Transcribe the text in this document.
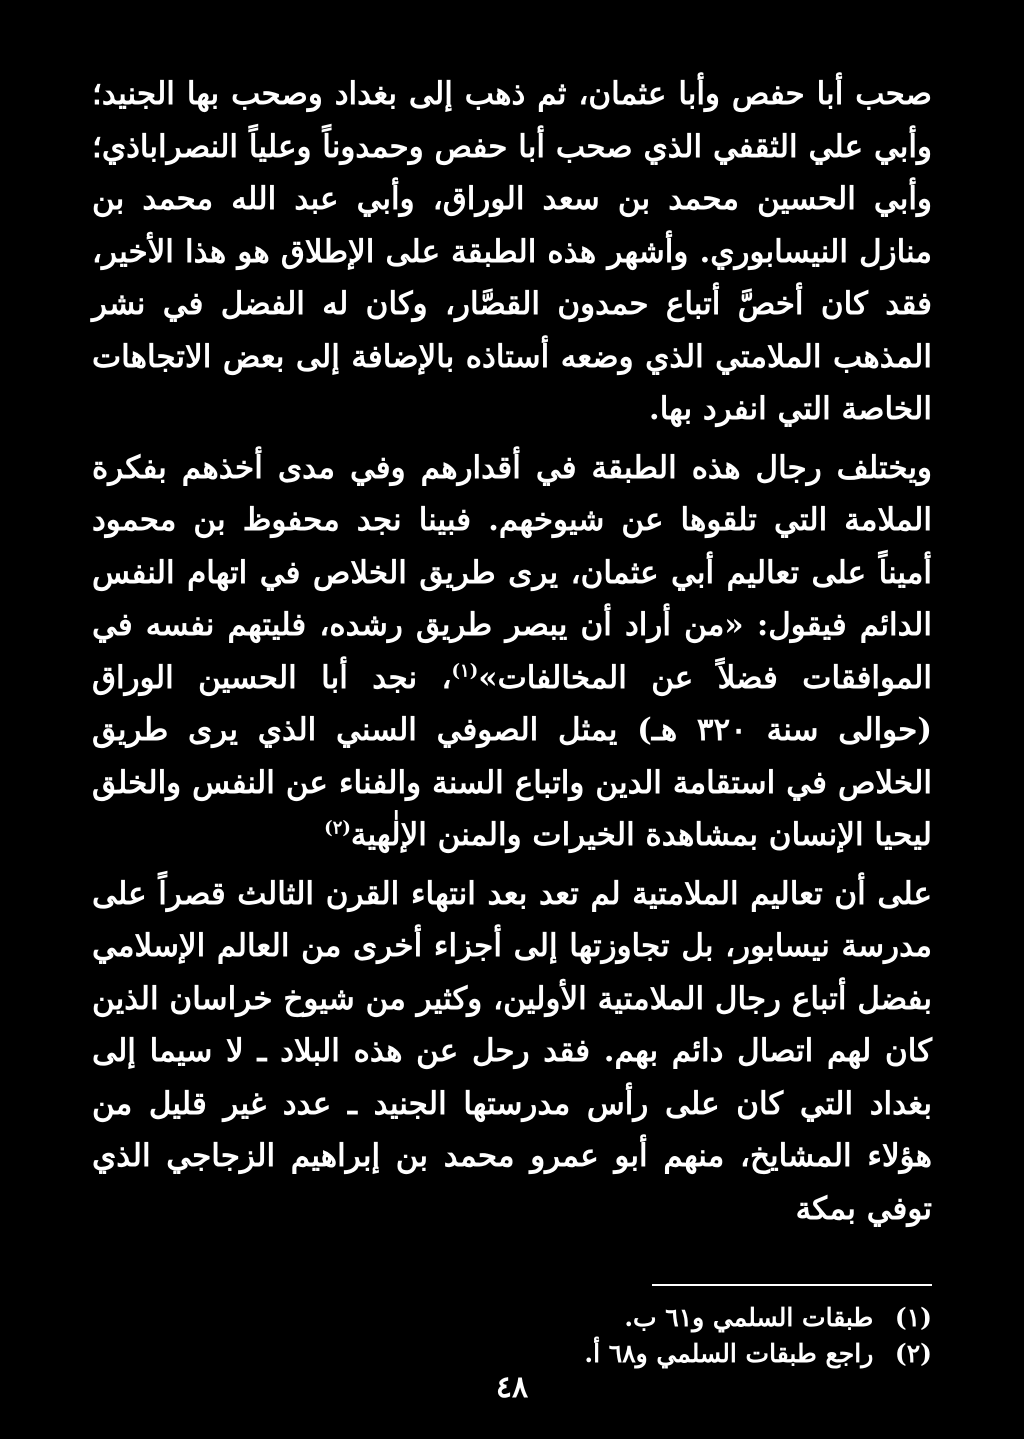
صحب أبا حفص وأبا عثمان، ثم ذهب إلى بغداد وصحب بها الجنيد؛ وأبي علي الثقفي الذي صحب أبا حفص وحمدوناً وعلياً النصراباذي؛ وأبي الحسين محمد بن سعد الوراق، وأبي عبد الله محمد بن منازل النيسابوري. وأشهر هذه الطبقة على الإطلاق هو هذا الأخير، فقد كان أخصَّ أتباع حمدون القصَّار، وكان له الفضل في نشر المذهب الملامتي الذي وضعه أستاذه بالإضافة إلى بعض الاتجاهات الخاصة التي انفرد بها.

ويختلف رجال هذه الطبقة في أقدارهم وفي مدى أخذهم بفكرة الملامة التي تلقوها عن شيوخهم. فبينا نجد محفوظ بن محمود أميناً على تعاليم أبي عثمان، يرى طريق الخلاص في اتهام النفس الدائم فيقول: «من أراد أن يبصر طريق رشده، فليتهم نفسه في الموافقات فضلاً عن المخالفات»$^{(١)}$، نجد أبا الحسين الوراق (حوالى سنة ٣٢٠ هـ) يمثل الصوفي السني الذي يرى طريق الخلاص في استقامة الدين واتباع السنة والفناء عن النفس والخلق ليحيا الإنسان بمشاهدة الخيرات والمنن الإلٰهية$^{(٢)}$

على أن تعاليم الملامتية لم تعد بعد انتهاء القرن الثالث قصراً على مدرسة نيسابور، بل تجاوزتها إلى أجزاء أخرى من العالم الإسلامي بفضل أتباع رجال الملامتية الأولين، وكثير من شيوخ خراسان الذين كان لهم اتصال دائم بهم. فقد رحل عن هذه البلاد ـ لا سيما إلى بغداد التي كان على رأس مدرستها الجنيد ـ عدد غير قليل من هؤلاء المشايخ، منهم أبو عمرو محمد بن إبراهيم الزجاجي الذي توفي بمكة

(١) طبقات السلمي و٦١ ب.
(٢) راجع طبقات السلمي و٦٨ أ.
٤٨
